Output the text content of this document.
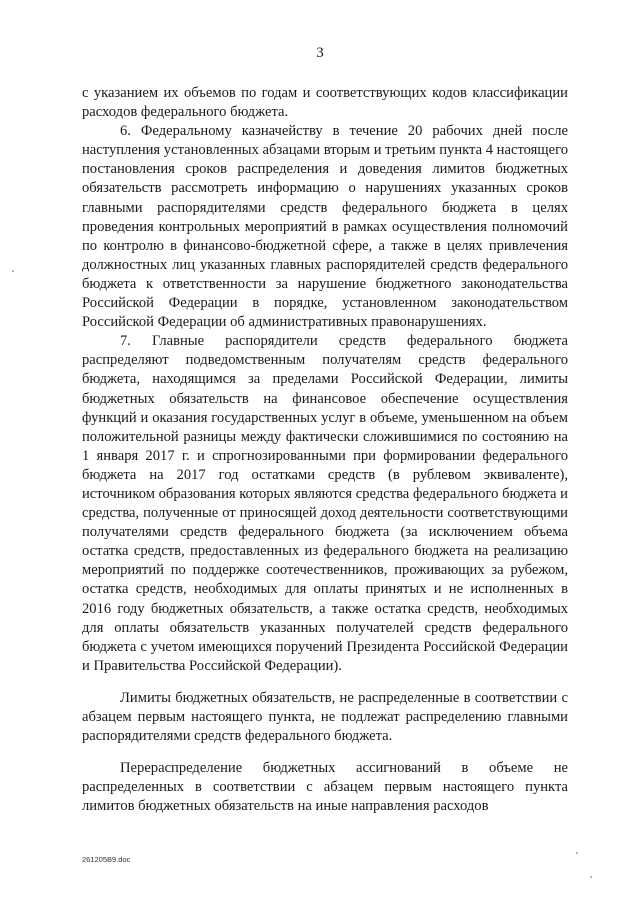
3

с указанием их объемов по годам и соответствующих кодов классификации расходов федерального бюджета.

6. Федеральному казначейству в течение 20 рабочих дней после наступления установленных абзацами вторым и третьим пункта 4 настоящего постановления сроков распределения и доведения лимитов бюджетных обязательств рассмотреть информацию о нарушениях указанных сроков главными распорядителями средств федерального бюджета в целях проведения контрольных мероприятий в рамках осуществления полномочий по контролю в финансово-бюджетной сфере, а также в целях привлечения должностных лиц указанных главных распорядителей средств федерального бюджета к ответственности за нарушение бюджетного законодательства Российской Федерации в порядке, установленном законодательством Российской Федерации об административных правонарушениях.

7. Главные распорядители средств федерального бюджета распределяют подведомственным получателям средств федерального бюджета, находящимся за пределами Российской Федерации, лимиты бюджетных обязательств на финансовое обеспечение осуществления функций и оказания государственных услуг в объеме, уменьшенном на объем положительной разницы между фактически сложившимися по состоянию на 1 января 2017 г. и спрогнозированными при формировании федерального бюджета на 2017 год остатками средств (в рублевом эквиваленте), источником образования которых являются средства федерального бюджета и средства, полученные от приносящей доход деятельности соответствующими получателями средств федерального бюджета (за исключением объема остатка средств, предоставленных из федерального бюджета на реализацию мероприятий по поддержке соотечественников, проживающих за рубежом, остатка средств, необходимых для оплаты принятых и не исполненных в 2016 году бюджетных обязательств, а также остатка средств, необходимых для оплаты обязательств указанных получателей средств федерального бюджета с учетом имеющихся поручений Президента Российской Федерации и Правительства Российской Федерации).

Лимиты бюджетных обязательств, не распределенные в соответствии с абзацем первым настоящего пункта, не подлежат распределению главными распорядителями средств федерального бюджета.

Перераспределение бюджетных ассигнований в объеме не распределенных в соответствии с абзацем первым настоящего пункта лимитов бюджетных обязательств на иные направления расходов

261205B9.doc
